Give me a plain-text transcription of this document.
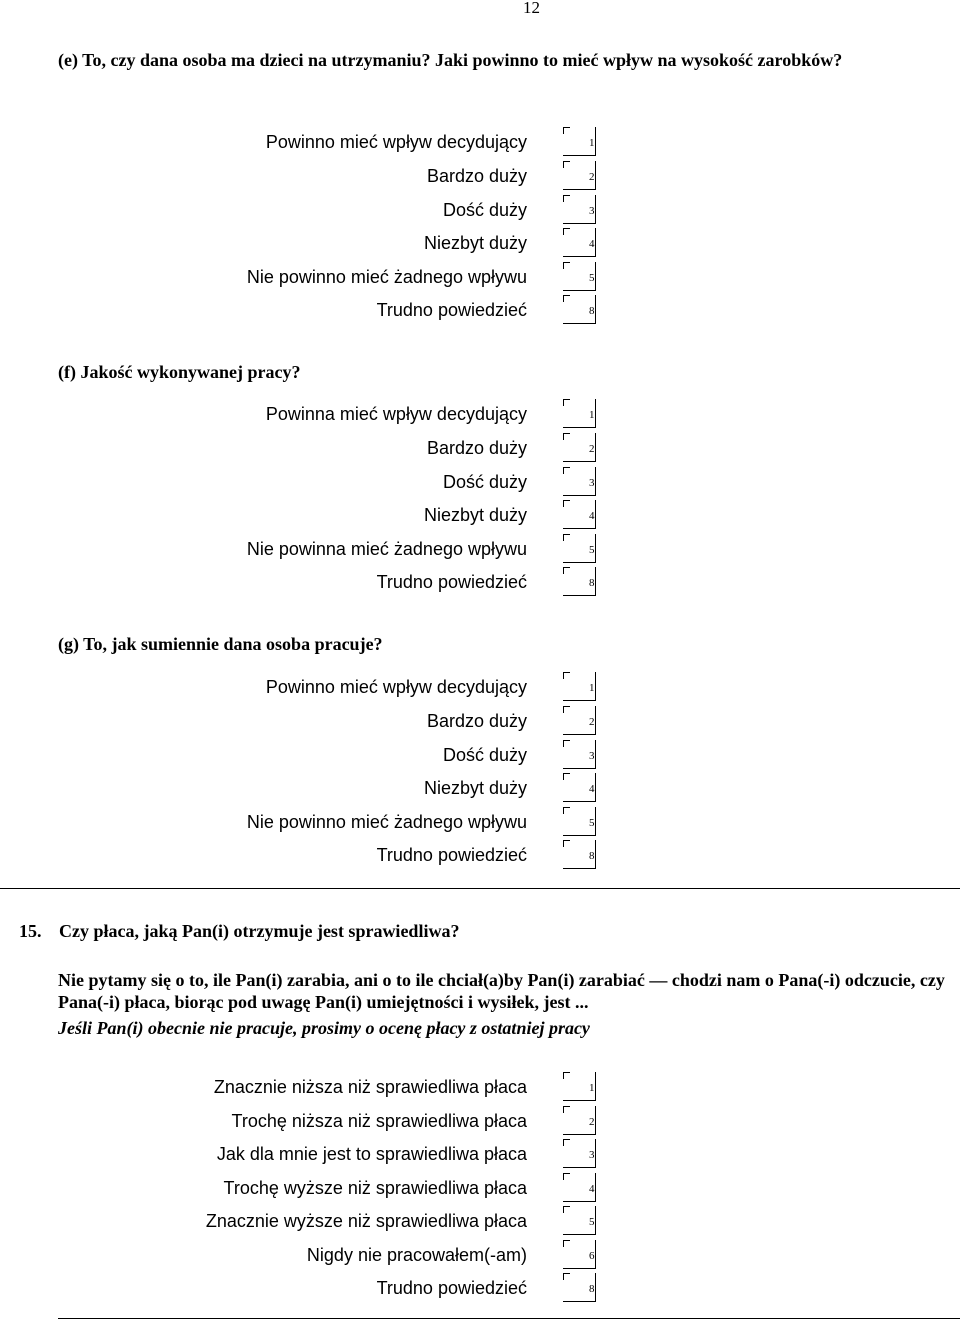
12
(e) To, czy dana osoba ma dzieci na utrzymaniu? Jaki powinno to mieć wpływ na wysokość zarobków?
Powinno mieć wpływ decydujący	1
Bardzo duży	2
Dość duży	3
Niezbyt duży	4
Nie powinno mieć żadnego wpływu	5
Trudno powiedzieć	8
(f) Jakość wykonywanej pracy?
Powinna mieć wpływ decydujący	1
Bardzo duży	2
Dość duży	3
Niezbyt duży	4
Nie powinna mieć żadnego wpływu	5
Trudno powiedzieć	8
(g) To, jak sumiennie dana osoba pracuje?
Powinno mieć wpływ decydujący	1
Bardzo duży	2
Dość duży	3
Niezbyt duży	4
Nie powinno mieć żadnego wpływu	5
Trudno powiedzieć	8
15. Czy płaca, jaką Pan(i) otrzymuje jest sprawiedliwa?
Nie pytamy się o to, ile Pan(i) zarabia, ani o to ile chciał(a)by Pan(i) zarabiać — chodzi nam o Pana(-i) odczucie, czy Pana(-i) płaca, biorąc pod uwagę Pan(i) umiejętności i wysiłek, jest ...
Jeśli Pan(i) obecnie nie pracuje, prosimy o ocenę płacy z ostatniej pracy
Znacznie niższa niż sprawiedliwa płaca	1
Trochę niższa niż sprawiedliwa płaca	2
Jak dla mnie jest to sprawiedliwa płaca	3
Trochę wyższe niż sprawiedliwa płaca	4
Znacznie wyższe niż sprawiedliwa płaca	5
Nigdy nie pracowałem(-am)	6
Trudno powiedzieć	8
